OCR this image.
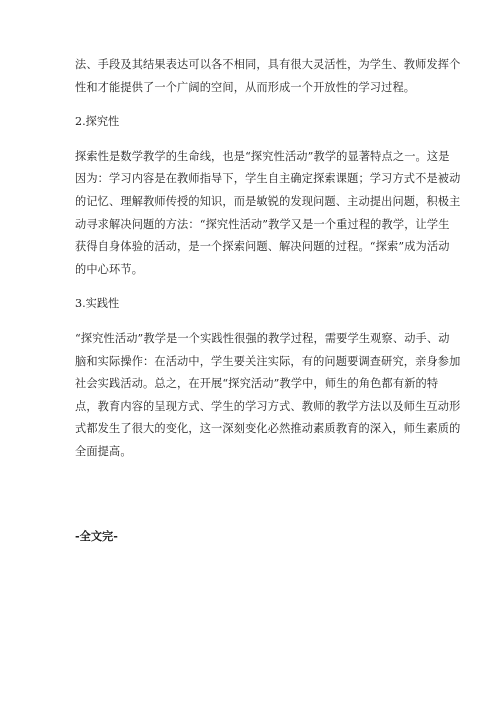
法、手段及其结果表达可以各不相同，具有很大灵活性，为学生、教师发挥个
性和才能提供了一个广阔的空间，从而形成一个开放性的学习过程。

2.探究性

探索性是数学教学的生命线，也是“探究性活动”教学的显著特点之一。这是
因为：学习内容是在教师指导下，学生自主确定探索课题；学习方式不是被动
的记忆、理解教师传授的知识，而是敏锐的发现问题、主动提出问题，积极主
动寻求解决问题的方法：“探究性活动”教学又是一个重过程的教学，让学生
获得自身体验的活动，是一个探索问题、解决问题的过程。“探索”成为活动
的中心环节。

3.实践性

“探究性活动”教学是一个实践性很强的教学过程，需要学生观察、动手、动
脑和实际操作：在活动中，学生要关注实际，有的问题要调查研究，亲身参加
社会实践活动。总之，在开展“探究活动”教学中，师生的角色都有新的特
点，教育内容的呈现方式、学生的学习方式、教师的教学方法以及师生互动形
式都发生了很大的变化，这一深刻变化必然推动素质教育的深入，师生素质的
全面提高。
-全文完-
